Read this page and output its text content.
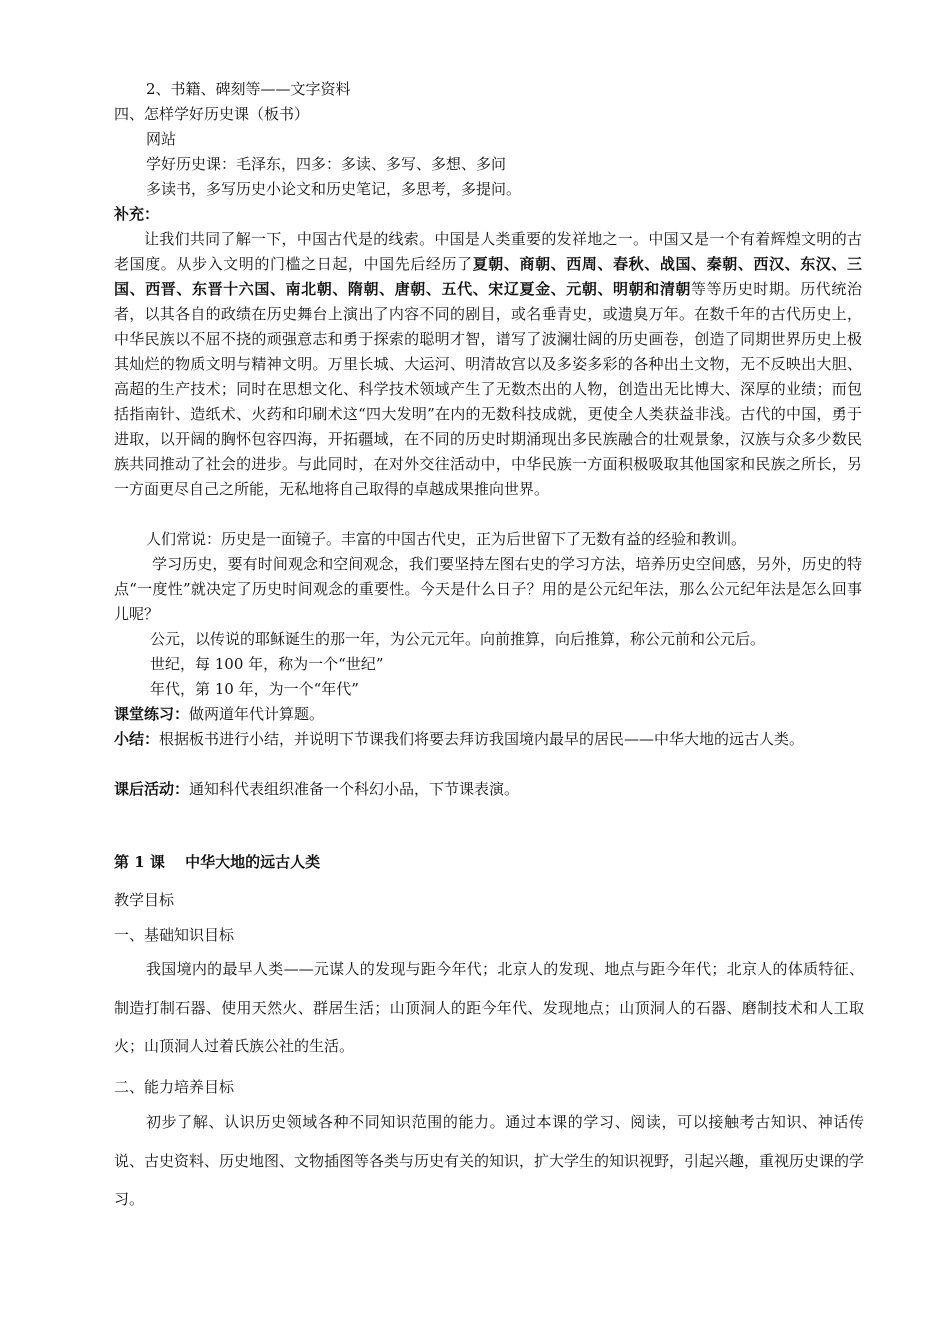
2、书籍、碑刻等——文字资料
四、怎样学好历史课（板书）
网站
学好历史课：毛泽东，四多：多读、多写、多想、多问
多读书，多写历史小论文和历史笔记，多思考，多提问。
补充：

让我们共同了解一下，中国古代是的线索。中国是人类重要的发祥地之一。中国又是一个有着辉煌文明的古老国度。从步入文明的门槛之日起，中国先后经历了夏朝、商朝、西周、春秋、战国、秦朝、西汉、东汉、三国、西晋、东晋十六国、南北朝、隋朝、唐朝、五代、宋辽夏金、元朝、明朝和清朝等等历史时期。历代统治者，以其各自的政绩在历史舞台上演出了内容不同的剧目，或名垂青史，或遗臭万年。在数千年的古代历史上，中华民族以不屈不挠的顽强意志和勇于探索的聪明才智，谱写了波澜壮阔的历史画卷，创造了同期世界历史上极其灿烂的物质文明与精神文明。万里长城、大运河、明清故宫以及多姿多彩的各种出土文物，无不反映出大胆、高超的生产技术；同时在思想文化、科学技术领域产生了无数杰出的人物，创造出无比博大、深厚的业绩；而包括指南针、造纸术、火药和印刷术这“四大发明”在内的无数科技成就，更使全人类获益非浅。古代的中国，勇于进取，以开阔的胸怀包容四海，开拓疆域，在不同的历史时期涌现出多民族融合的壮观景象，汉族与众多少数民族共同推动了社会的进步。与此同时，在对外交往活动中，中华民族一方面积极吸取其他国家和民族之所长，另一方面更尽自己之所能，无私地将自己取得的卓越成果推向世界。

人们常说：历史是一面镜子。丰富的中国古代史，正为后世留下了无数有益的经验和教训。

学习历史，要有时间观念和空间观念，我们要坚持左图右史的学习方法，培养历史空间感，另外，历史的特点“一度性”就决定了历史时间观念的重要性。今天是什么日子？用的是公元纪年法，那么公元纪年法是怎么回事儿呢？

公元，以传说的耶稣诞生的那一年，为公元元年。向前推算，向后推算，称公元前和公元后。
世纪，每 100 年，称为一个“世纪”
年代，第 10 年，为一个“年代”
课堂练习：做两道年代计算题。

小结：根据板书进行小结，并说明下节课我们将要去拜访我国境内最早的居民——中华大地的远古人类。

课后活动：通知科代表组织准备一个科幻小品，下节课表演。
第 1 课　 中华大地的远古人类
教学目标
一、基础知识目标

我国境内的最早人类——元谋人的发现与距今年代；北京人的发现、地点与距今年代；北京人的体质特征、制造打制石器、使用天然火、群居生活；山顶洞人的距今年代、发现地点；山顶洞人的石器、磨制技术和人工取火；山顶洞人过着氏族公社的生活。

二、能力培养目标

初步了解、认识历史领域各种不同知识范围的能力。通过本课的学习、阅读，可以接触考古知识、神话传说、古史资料、历史地图、文物插图等各类与历史有关的知识，扩大学生的知识视野，引起兴趣，重视历史课的学习。
